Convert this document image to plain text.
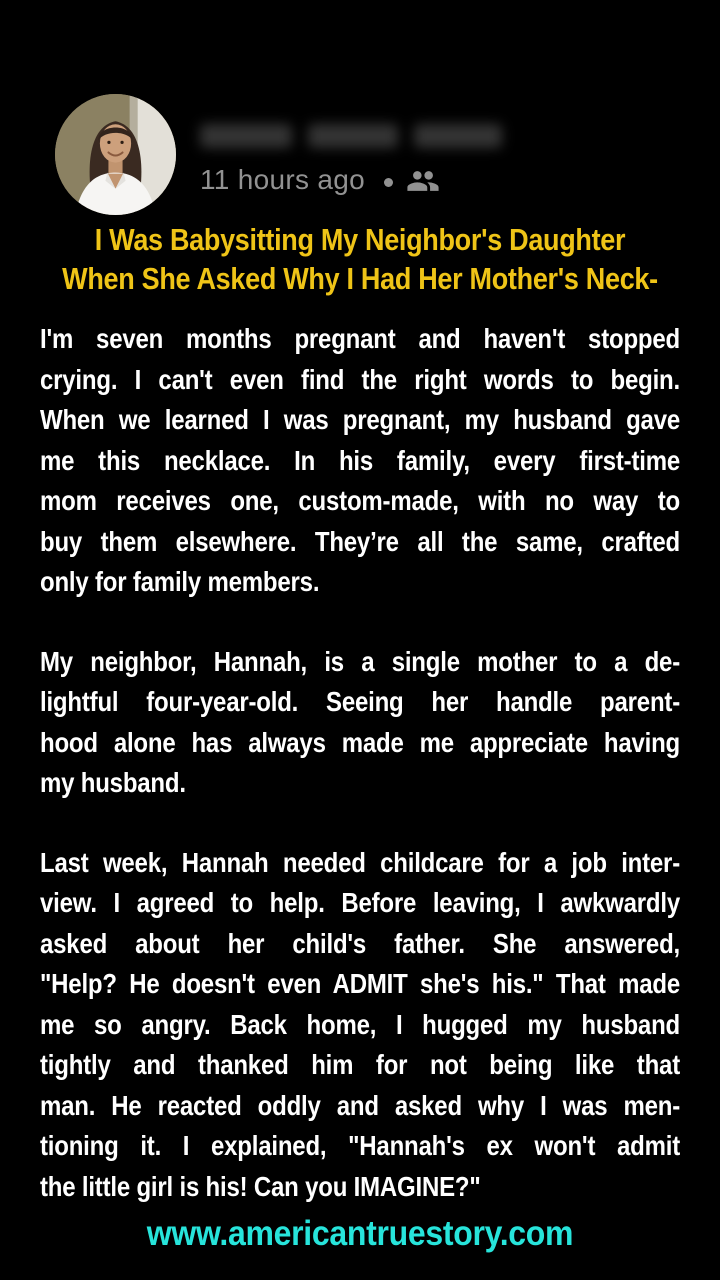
11 hours ago
I Was Babysitting My Neighbor's Daughter
When She Asked Why I Had Her Mother's Neck-
I'm seven months pregnant and haven't stopped
crying. I can't even find the right words to begin.
When we learned I was pregnant, my husband gave
me this necklace. In his family, every first-time
mom receives one, custom-made, with no way to
buy them elsewhere. They’re all the same, crafted
only for family members.
My neighbor, Hannah, is a single mother to a de-
lightful four-year-old. Seeing her handle parent-
hood alone has always made me appreciate having
my husband.
Last week, Hannah needed childcare for a job inter-
view. I agreed to help. Before leaving, I awkwardly
asked about her child's father. She answered,
"Help? He doesn't even ADMIT she's his." That made
me so angry. Back home, I hugged my husband
tightly and thanked him for not being like that
man. He reacted oddly and asked why I was men-
tioning it. I explained, "Hannah's ex won't admit
the little girl is his! Can you IMAGINE?"
www.americantruestory.com
